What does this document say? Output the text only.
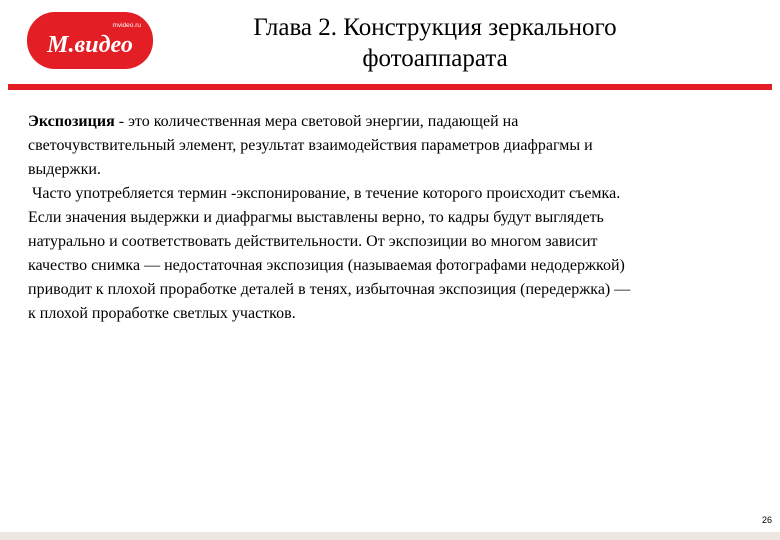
mvideo.ru
М.видео
Глава 2. Конструкция зеркального
фотоаппарата
Экспозиция - это количественная мера световой энергии, падающей на светочувствительный элемент, результат взаимодействия параметров диафрагмы и выдержки.
Часто употребляется термин -экспонирование, в течение которого происходит съемка. Если значения выдержки и диафрагмы выставлены верно, то кадры будут выглядеть натурально и соответствовать действительности. От экспозиции во многом зависит качество снимка — недостаточная экспозиция (называемая фотографами недодержкой) приводит к плохой проработке деталей в тенях, избыточная экспозиция (передержка) — к плохой проработке светлых участков.
26
